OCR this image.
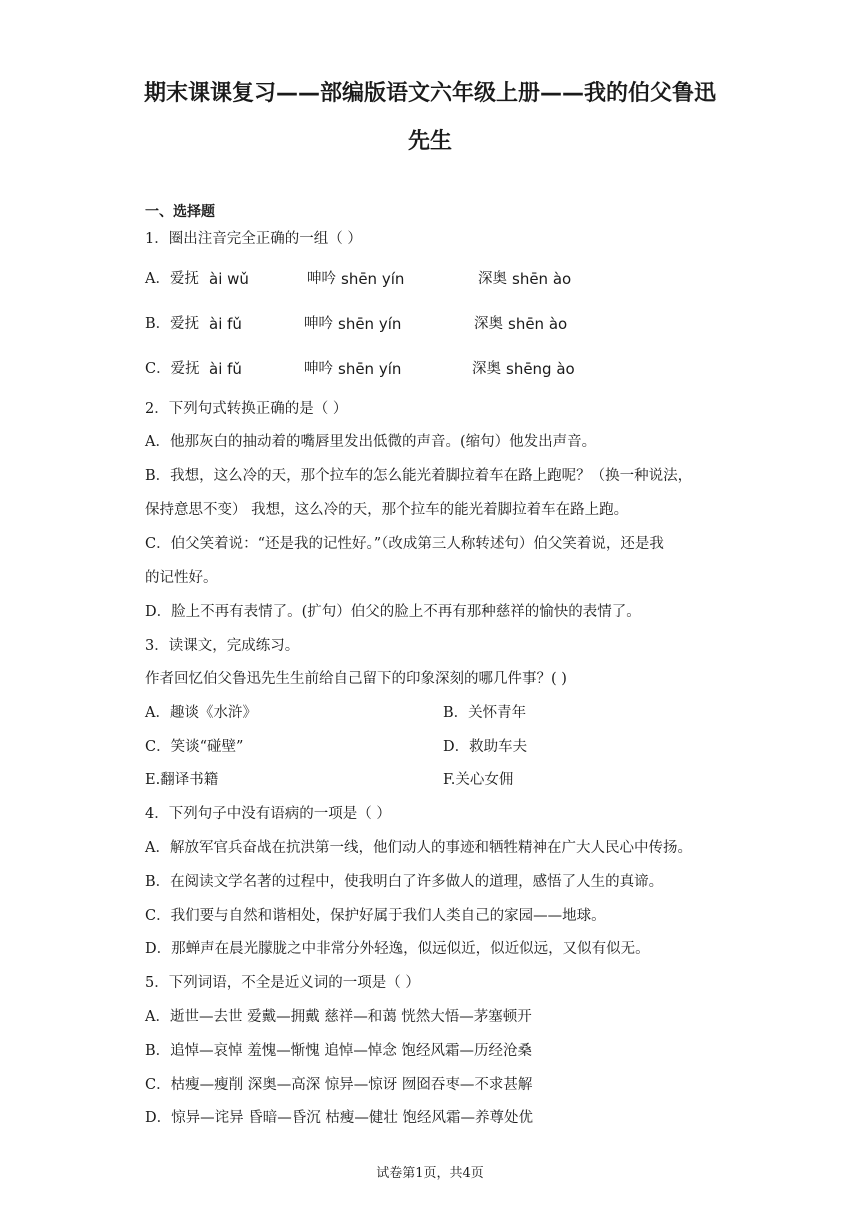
期末课课复习——部编版语文六年级上册——我的伯父鲁迅
先生
一、选择题
1．圈出注音完全正确的一组（ ）
A．爱抚 ài wǔ	呻吟 shēn yín	深奥 shēn ào
B．爱抚 ài fǔ	呻吟 shēn yín	深奥 shēn ào
C．爱抚 ài fǔ	呻吟 shēn yín	深奥 shēng ào
2．下列句式转换正确的是（ ）
A．他那灰白的抽动着的嘴唇里发出低微的声音。(缩句）他发出声音。
B．我想，这么冷的天，那个拉车的怎么能光着脚拉着车在路上跑呢？（换一种说法，
保持意思不变） 我想，这么冷的天，那个拉车的能光着脚拉着车在路上跑。
C．伯父笑着说：“还是我的记性好。”（改成第三人称转述句）伯父笑着说，还是我
的记性好。
D．脸上不再有表情了。(扩句）伯父的脸上不再有那种慈祥的愉快的表情了。
3．读课文，完成练习。
作者回忆伯父鲁迅先生生前给自己留下的印象深刻的哪几件事？( )
A．趣谈《水浒》	B．关怀青年
C．笑谈“碰壁”	D．救助车夫
E.翻译书籍	F.关心女佣
4．下列句子中没有语病的一项是（ ）
A．解放军官兵奋战在抗洪第一线，他们动人的事迹和牺牲精神在广大人民心中传扬。
B．在阅读文学名著的过程中，使我明白了许多做人的道理，感悟了人生的真谛。
C．我们要与自然和谐相处，保护好属于我们人类自己的家园——地球。
D．那蝉声在晨光朦胧之中非常分外轻逸，似远似近，似近似远，又似有似无。
5．下列词语，不全是近义词的一项是（ ）
A．逝世—去世 爱戴—拥戴 慈祥—和蔼 恍然大悟—茅塞顿开
B．追悼—哀悼 羞愧—惭愧 追悼—悼念 饱经风霜—历经沧桑
C．枯瘦—瘦削 深奥—高深 惊异—惊讶 囫囵吞枣—不求甚解
D．惊异—诧异 昏暗—昏沉 枯瘦—健壮 饱经风霜—养尊处优
试卷第1页，共4页
